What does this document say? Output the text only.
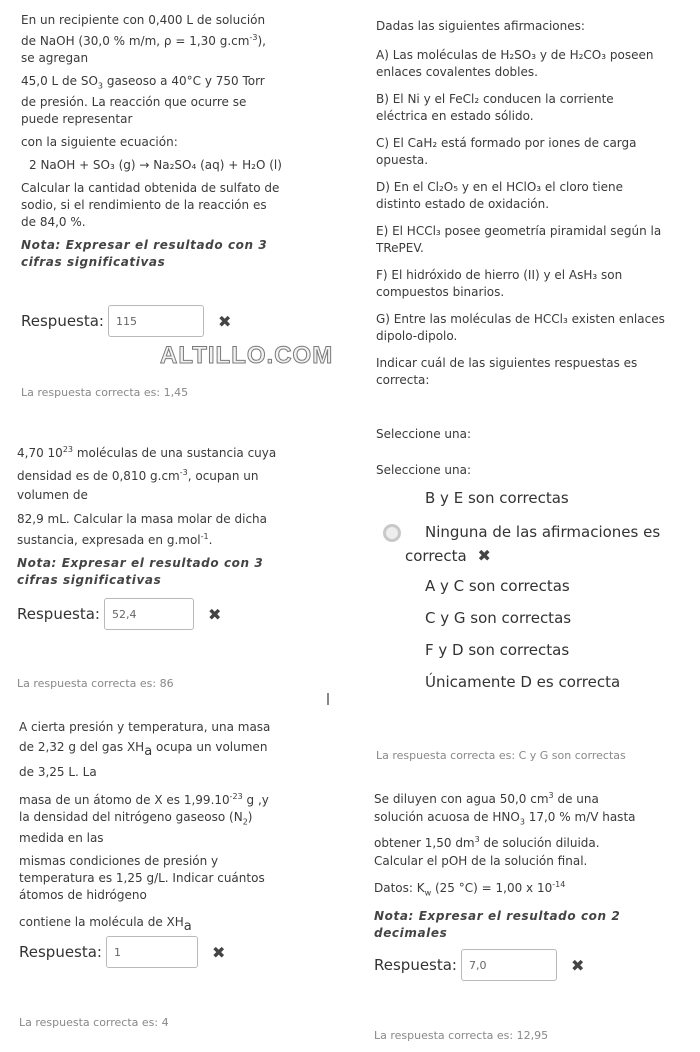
En un recipiente con 0,400 L de solución de NaOH (30,0 % m/m, ρ = 1,30 $g.cm^{-3}$), se agregan

45,0 L de $SO_3$ gaseoso a 40°C y 750 Torr de presión. La reacción que ocurre se puede representar

con la siguiente ecuación:

2 NaOH + SO₃ (g) → Na₂SO₄ (aq) + H₂O (l)

Calcular la cantidad obtenida de sulfato de sodio, si el rendimiento de la reacción es de 84,0 %.

Nota: Expresar el resultado con 3 cifras significativas

Respuesta:	115	✖
ALTILLO.COM
La respuesta correcta es: 1,45

4,70 $10^{23}$ moléculas de una sustancia cuya densidad es de 0,810 $g.cm^{-3}$, ocupan un volumen de

82,9 mL. Calcular la masa molar de dicha sustancia, expresada en g.mol$^{-1}$.

Nota: Expresar el resultado con 3 cifras significativas

Respuesta:	52,4	✖
La respuesta correcta es: 86

A cierta presión y temperatura, una masa de 2,32 g del gas $XH_a$ ocupa un volumen de 3,25 L. La

masa de un átomo de X es $1,99.10^{-23}$ g ,y la densidad del nitrógeno gaseoso $(N_2)$ medida en las

mismas condiciones de presión y temperatura es 1,25 g/L. Indicar cuántos átomos de hidrógeno

contiene la molécula de $XH_a$

Respuesta:	1	✖
La respuesta correcta es: 4

Dadas las siguientes afirmaciones:

A) Las moléculas de H₂SO₃ y de H₂CO₃ poseen enlaces covalentes dobles.

B) El Ni y el FeCl₂ conducen la corriente eléctrica en estado sólido.

C) El CaH₂ está formado por iones de carga opuesta.

D) En el Cl₂O₅ y en el HClO₃ el cloro tiene distinto estado de oxidación.

E) El HCCl₃ posee geometría piramidal según la TRePEV.

F) El hidróxido de hierro (II) y el AsH₃ son compuestos binarios.

G) Entre las moléculas de HCCl₃ existen enlaces dipolo-dipolo.

Indicar cuál de las siguientes respuestas es correcta:

Seleccione una:
Seleccione una:
B y E son correctas
Ninguna de las afirmaciones es correcta ✖
A y C son correctas
C y G son correctas
F y D son correctas
Únicamente D es correcta
La respuesta correcta es: C y G son correctas

Se diluyen con agua 50,0 $cm^3$ de una solución acuosa de $HNO_3$ 17,0 % m/V hasta obtener 1,50 $dm^3$ de solución diluida. Calcular el pOH de la solución final.

Datos: $K_w$ (25 °C) = 1,00 x $10^{-14}$

Nota: Expresar el resultado con 2 decimales

Respuesta:	7,0	✖
La respuesta correcta es: 12,95
